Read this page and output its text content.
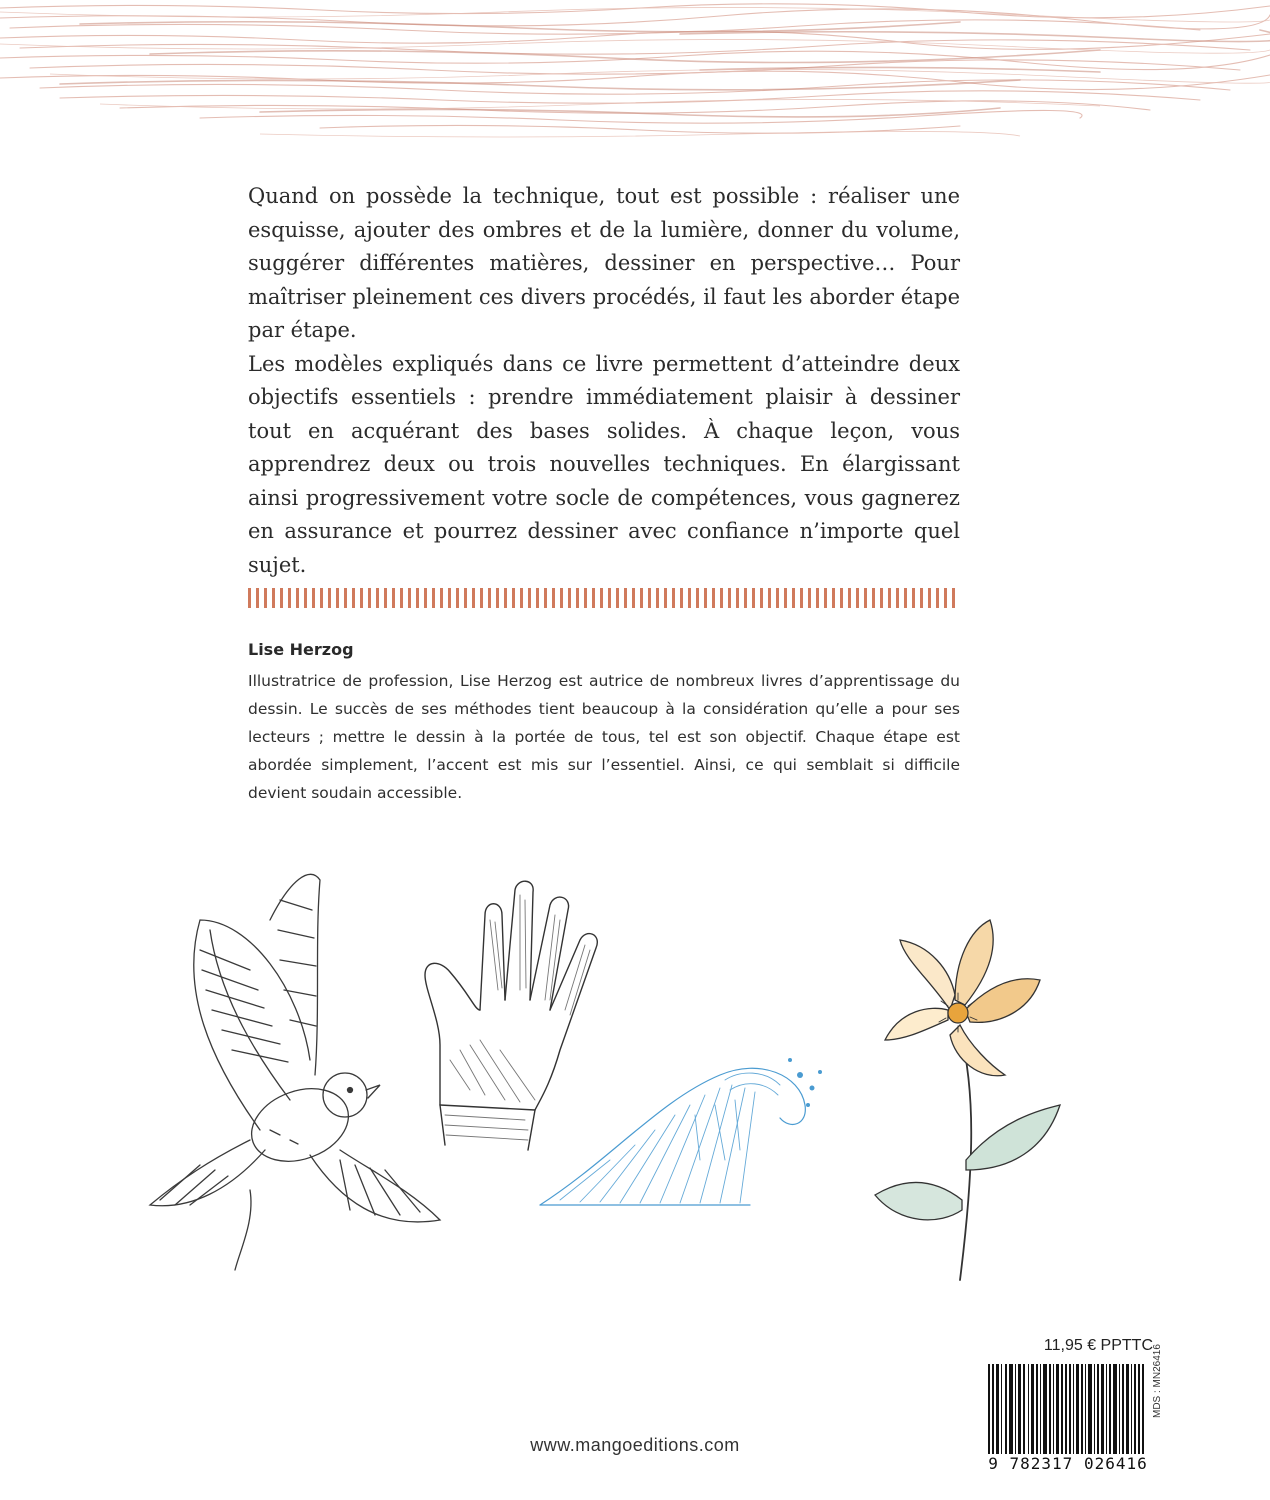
Quand on possède la technique, tout est possible : réaliser une esquisse, ajouter des ombres et de la lumière, donner du volume, suggérer différentes matières, dessiner en perspective… Pour maîtriser pleinement ces divers procédés, il faut les aborder étape par étape.

Les modèles expliqués dans ce livre permettent d’atteindre deux objectifs essentiels : prendre immédiatement plaisir à dessiner tout en acquérant des bases solides. À chaque leçon, vous apprendrez deux ou trois nouvelles techniques. En élargissant ainsi progressivement votre socle de compétences, vous gagnerez en assurance et pourrez dessiner avec confiance n’importe quel sujet.

Lise Herzog
Illustratrice de profession, Lise Herzog est autrice de nombreux livres d’apprentissage du dessin. Le succès de ses méthodes tient beaucoup à la considération qu’elle a pour ses lecteurs ; mettre le dessin à la portée de tous, tel est son objectif. Chaque étape est abordée simplement, l’accent est mis sur l’essentiel. Ainsi, ce qui semblait si difficile devient soudain accessible.
11,95 € PPTTC
9 782317 026416
MDS : MN26416
www.mangoeditions.com
